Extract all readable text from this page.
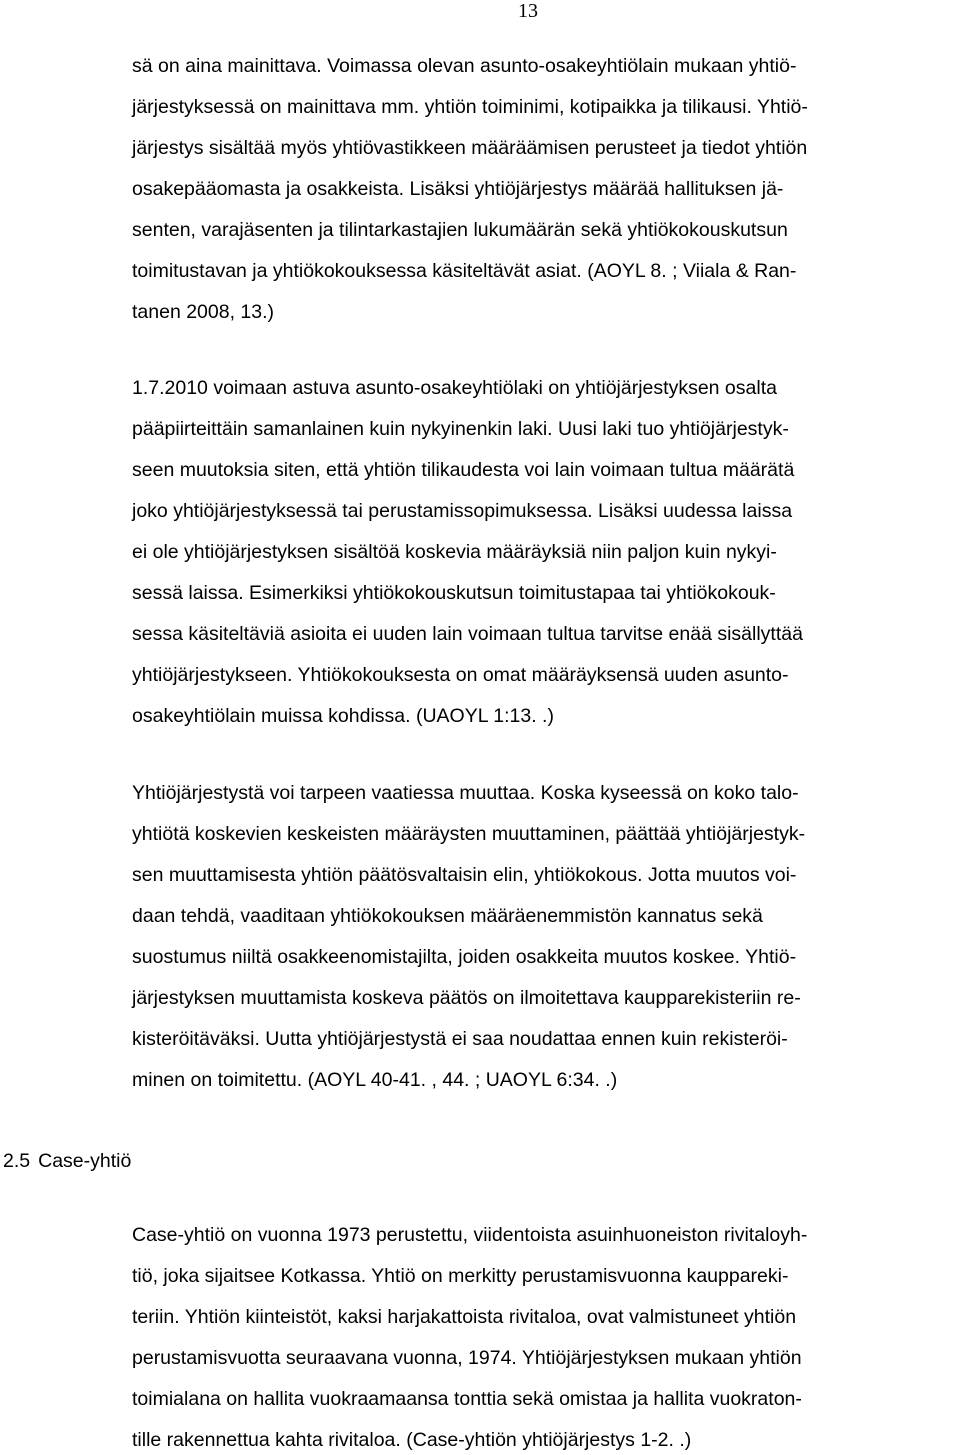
13
sä on aina mainittava. Voimassa olevan asunto-osakeyhtiölain mukaan yhtiö-
järjestyksessä on mainittava mm. yhtiön toiminimi, kotipaikka ja tilikausi. Yhtiö-
järjestys sisältää myös yhtiövastikkeen määräämisen perusteet ja tiedot yhtiön
osakepääomasta ja osakkeista. Lisäksi yhtiöjärjestys määrää hallituksen jä-
senten, varajäsenten ja tilintarkastajien lukumäärän sekä yhtiökokouskutsun
toimitustavan ja yhtiökokouksessa käsiteltävät asiat. (AOYL 8. ; Viiala & Ran-
tanen 2008, 13.)
1.7.2010 voimaan astuva asunto-osakeyhtiölaki on yhtiöjärjestyksen osalta
pääpiirteittäin samanlainen kuin nykyinenkin laki. Uusi laki tuo yhtiöjärjestyk-
seen muutoksia siten, että yhtiön tilikaudesta voi lain voimaan tultua määrätä
joko yhtiöjärjestyksessä tai perustamissopimuksessa. Lisäksi uudessa laissa
ei ole yhtiöjärjestyksen sisältöä koskevia määräyksiä niin paljon kuin nykyi-
sessä laissa. Esimerkiksi yhtiökokouskutsun toimitustapaa tai yhtiökokouk-
sessa käsiteltäviä asioita ei uuden lain voimaan tultua tarvitse enää sisällyttää
yhtiöjärjestykseen. Yhtiökokouksesta on omat määräyksensä uuden asunto-
osakeyhtiölain muissa kohdissa. (UAOYL 1:13. .)
Yhtiöjärjestystä voi tarpeen vaatiessa muuttaa. Koska kyseessä on koko talo-
yhtiötä koskevien keskeisten määräysten muuttaminen, päättää yhtiöjärjestyk-
sen muuttamisesta yhtiön päätösvaltaisin elin, yhtiökokous. Jotta muutos voi-
daan tehdä, vaaditaan yhtiökokouksen määräenemmistön kannatus sekä
suostumus niiltä osakkeenomistajilta, joiden osakkeita muutos koskee. Yhtiö-
järjestyksen muuttamista koskeva päätös on ilmoitettava kaupparekisteriin re-
kisteröitäväksi. Uutta yhtiöjärjestystä ei saa noudattaa ennen kuin rekisteröi-
minen on toimitettu. (AOYL 40-41. , 44. ; UAOYL 6:34. .)
2.5 Case-yhtiö
Case-yhtiö on vuonna 1973 perustettu, viidentoista asuinhuoneiston rivitaloyh-
tiö, joka sijaitsee Kotkassa. Yhtiö on merkitty perustamisvuonna kauppareki-
teriin. Yhtiön kiinteistöt, kaksi harjakattoista rivitaloa, ovat valmistuneet yhtiön
perustamisvuotta seuraavana vuonna, 1974. Yhtiöjärjestyksen mukaan yhtiön
toimialana on hallita vuokraamaansa tonttia sekä omistaa ja hallita vuokraton-
tille rakennettua kahta rivitaloa. (Case-yhtiön yhtiöjärjestys 1-2. .)
